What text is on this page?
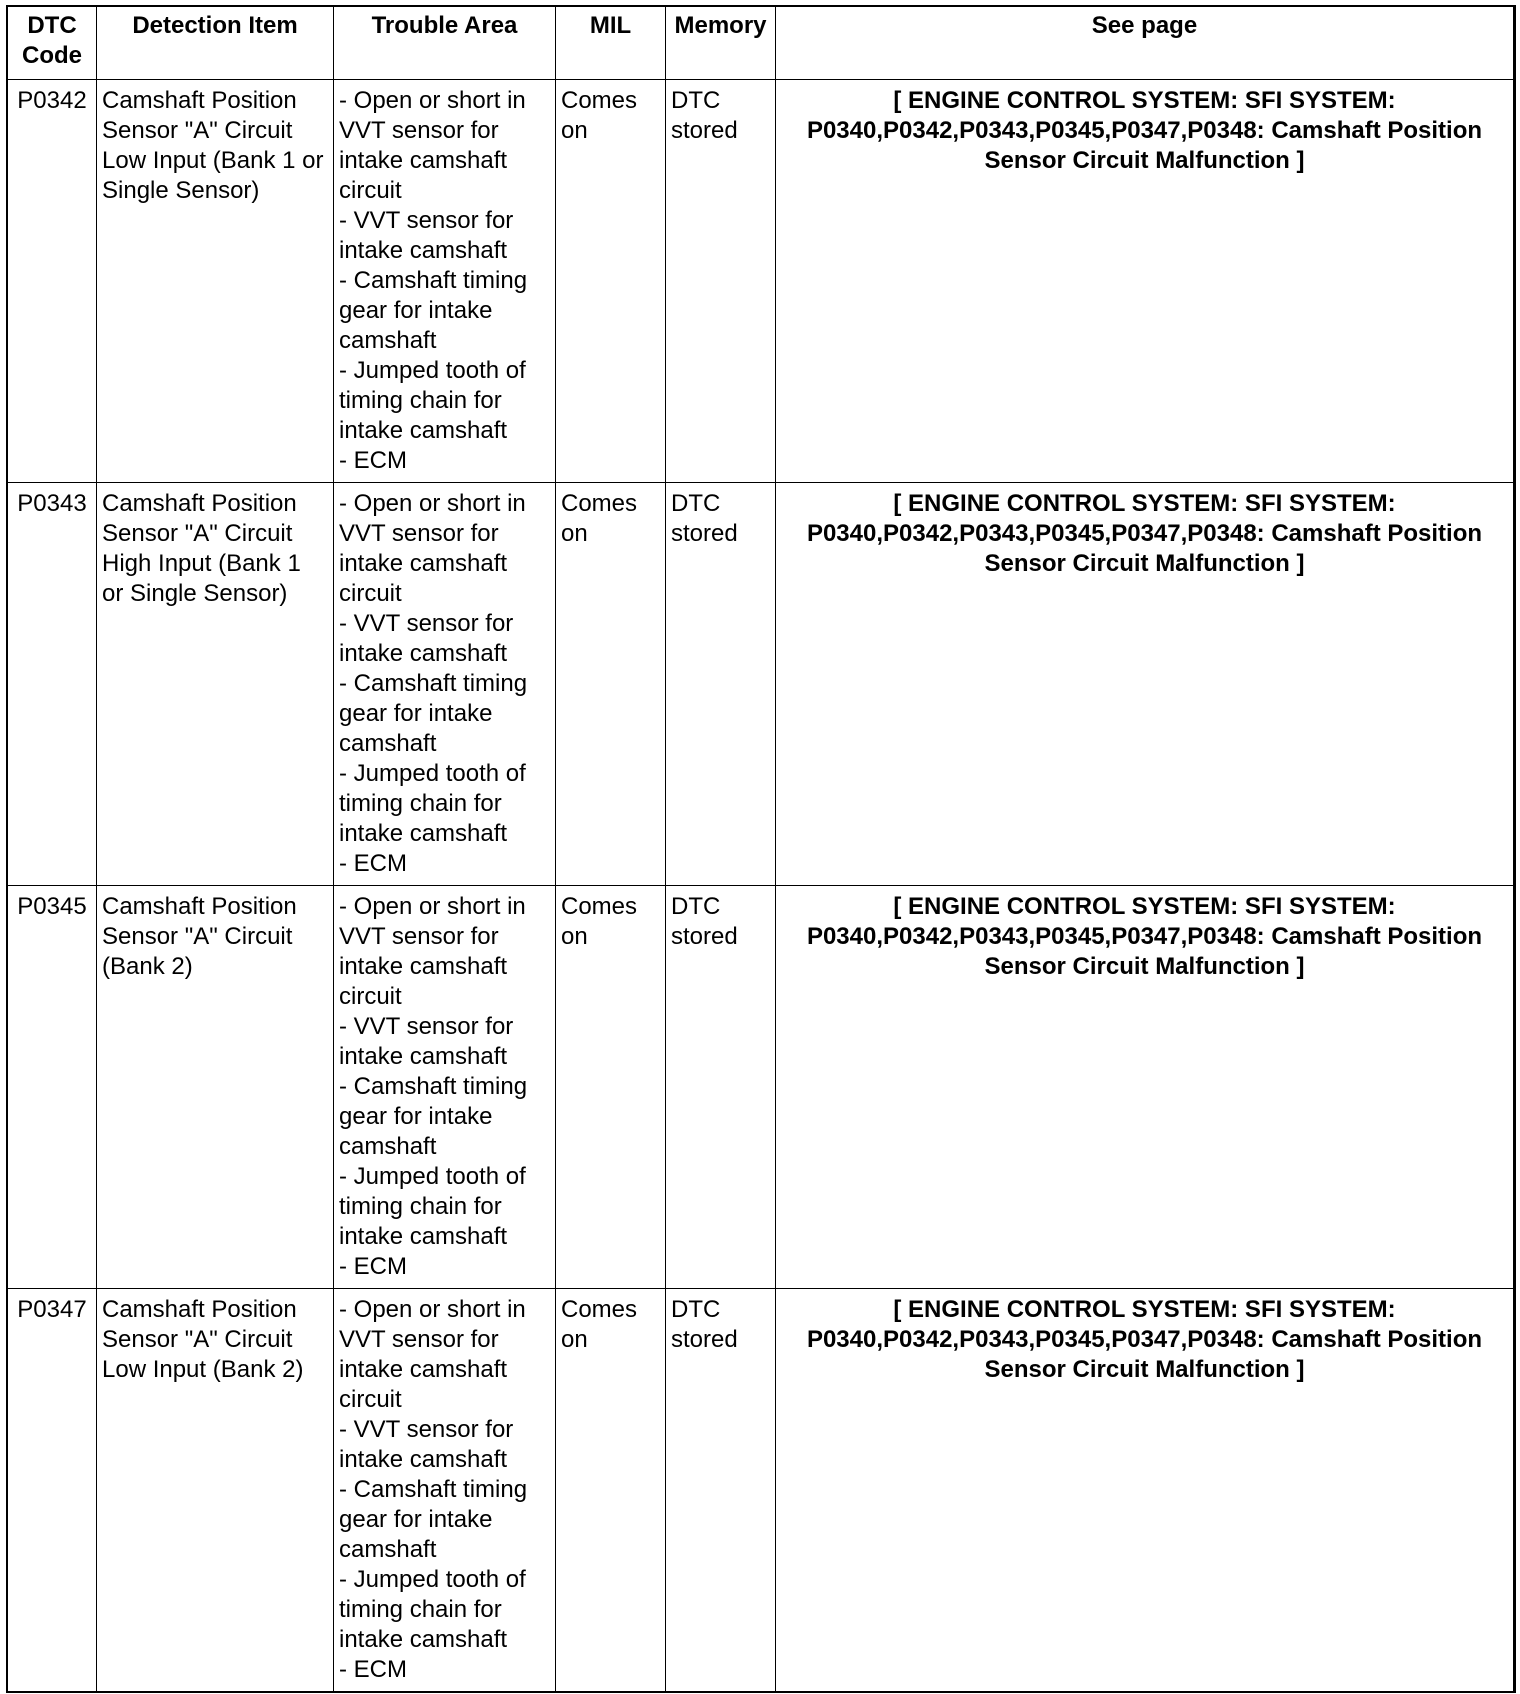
DTC
Code	Detection Item	Trouble Area	MIL	Memory	See page
P0342	Camshaft Position Sensor "A" Circuit Low Input (Bank 1 or Single Sensor)	- Open or short in VVT sensor for intake camshaft circuit
- VVT sensor for intake camshaft
- Camshaft timing gear for intake camshaft
- Jumped tooth of timing chain for intake camshaft
- ECM	Comes on	DTC stored	[ ENGINE CONTROL SYSTEM: SFI SYSTEM: P0340,P0342,P0343,P0345,P0347,P0348: Camshaft Position Sensor Circuit Malfunction ]
P0343	Camshaft Position Sensor "A" Circuit High Input (Bank 1 or Single Sensor)	- Open or short in VVT sensor for intake camshaft circuit
- VVT sensor for intake camshaft
- Camshaft timing gear for intake camshaft
- Jumped tooth of timing chain for intake camshaft
- ECM	Comes on	DTC stored	[ ENGINE CONTROL SYSTEM: SFI SYSTEM: P0340,P0342,P0343,P0345,P0347,P0348: Camshaft Position Sensor Circuit Malfunction ]
P0345	Camshaft Position Sensor "A" Circuit (Bank 2)	- Open or short in VVT sensor for intake camshaft circuit
- VVT sensor for intake camshaft
- Camshaft timing gear for intake camshaft
- Jumped tooth of timing chain for intake camshaft
- ECM	Comes on	DTC stored	[ ENGINE CONTROL SYSTEM: SFI SYSTEM: P0340,P0342,P0343,P0345,P0347,P0348: Camshaft Position Sensor Circuit Malfunction ]
P0347	Camshaft Position Sensor "A" Circuit Low Input (Bank 2)	- Open or short in VVT sensor for intake camshaft circuit
- VVT sensor for intake camshaft
- Camshaft timing gear for intake camshaft
- Jumped tooth of timing chain for intake camshaft
- ECM	Comes on	DTC stored	[ ENGINE CONTROL SYSTEM: SFI SYSTEM: P0340,P0342,P0343,P0345,P0347,P0348: Camshaft Position Sensor Circuit Malfunction ]
